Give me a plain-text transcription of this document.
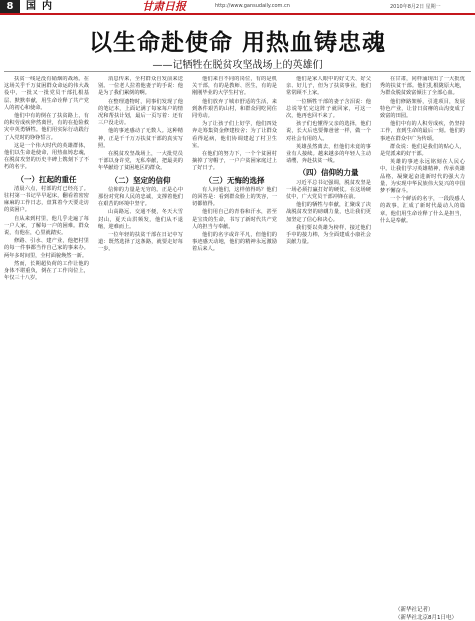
8	国内	甘肃日报	http://www.gansudaily.com.cn	2010年8月2日 星期一
以生命赴使命 用热血铸忠魂
——记牺牲在脱贫攻坚战场上的英雄们

扶贫一线是没有硝烟的战场。在这场关乎千万贫困群众命运的伟大战役中，一批又一批党员干部扎根基层、默默奉献，用生命诠释了共产党人的初心和使命。

他们中有的倒在了扶贫路上，有的积劳成疾猝然离世，有的在抢险救灾中英勇牺牲。他们用实际行动践行了入党时的铮铮誓言。

这是一个伟大时代的英雄群体，他们以生命赴使命，用热血铸忠魂，在脱贫攻坚的历史丰碑上镌刻下了不朽的名字。

（一）扛起的重任

清晨六点，村部的灯已经亮了。驻村第一书记早早起床，翻看着密密麻麻的工作日志，盘算着今天要走访的贫困户。

自从来到村里，他几乎走遍了每一户人家，了解每一户的困难。群众说，有他在，心里就踏实。

修路、引水、建产业，他把村里的每一件事都当作自己家的事来办。两年多时间里，全村面貌焕然一新。

然而，长期超负荷的工作让他的身体不堪重负，倒在了工作岗位上，年仅三十八岁。

消息传来，全村群众自发前来送别。一位老人拉着他妻子的手说：他是为了我们累倒的啊。

在整理遗物时，同事们发现了他的笔记本，上面记满了每家每户的情况和帮扶计划，最后一页写着：还有三户没走访。

他的事迹感动了无数人。这种精神，正是千千万万扶贫干部的真实写照。

在脱贫攻坚战场上，一大批党员干部以身许党，无私奉献，把最美的年华献给了贫困地区的群众。

（二）坚定的信仰

信仰的力量是无穷的。正是心中那份对党和人民的忠诚，支撑着他们在艰苦的环境中坚守。

山高路远、交通不便，冬天大雪封山，夏天山洪频发，他们从不退缩，迎难而上。

一位年轻的扶贫干部在日记中写道：既然选择了这条路，就要走好每一步。

他们来自不同的岗位，有的是机关干部，有的是教师、医生，有的是刚刚毕业的大学生村官。

他们放弃了城市舒适的生活，来到条件艰苦的山村，和群众同吃同住同劳动。

为了让孩子们上好学，他们四处奔走筹集资金修建校舍；为了让群众看得起病，他们协调建起了村卫生室。

在他们的努力下，一个个贫困村摘掉了穷帽子，一户户贫困家庭过上了好日子。

（三）无悔的选择

有人问他们，这样值得吗？他们的回答是：看到群众脸上的笑容，一切都值得。

他们用自己的青春和汗水，甚至是宝贵的生命，书写了新时代共产党人的担当与奉献。

他们的名字或许平凡，但他们的事迹感天动地，他们的精神永远激励着后来人。

他们是家人眼中的好丈夫、好父亲、好儿子，但为了扶贫事业，他们常常顾不上家。

一位牺牲干部的妻子含泪说：他总说等忙完这阵子就回家，可这一次，他再也回不来了。

孩子们也懂得父亲的选择，他们说，长大后也要像爸爸一样，做一个对社会有用的人。

英雄虽然离去，但他们未竟的事业有人接续。越来越多的年轻人主动请缨，奔赴扶贫一线。

（四）信仰的力量

习近平总书记强调，脱贫攻坚是一场必须打赢打好的硬仗。在这场硬仗中，广大党员干部冲锋在前。

他们的牺牲与奉献，汇聚成了决战脱贫攻坚的磅礴力量，也让我们更加坚定了信心和决心。

我们要以英雄为榜样，接过他们手中的接力棒，为全面建成小康社会贡献力量。

在甘肃，同样涌现出了一大批优秀的扶贫干部。他们扎根陇原大地，为群众脱贫致富倾注了全部心血。

他们修路架桥，引进项目，发展特色产业，让昔日贫瘠的山沟变成了致富的田园。

他们中有的人积劳成疾，仍坚持工作，直到生命的最后一刻。他们的事迹在群众中广为传颂。

群众说：他们是我们的贴心人，是党派来的好干部。

英雄的事迹永远铭刻在人民心中。让我们学习英雄精神，传承英雄品格，凝聚起奋进新时代的强大力量，为实现中华民族伟大复兴的中国梦不懈奋斗。

一个个鲜活的名字，一段段感人的故事，汇成了新时代最动人的篇章。他们用生命诠释了什么是担当，什么是奉献。

（新华社记者）
（新华社北京8月1日电）
